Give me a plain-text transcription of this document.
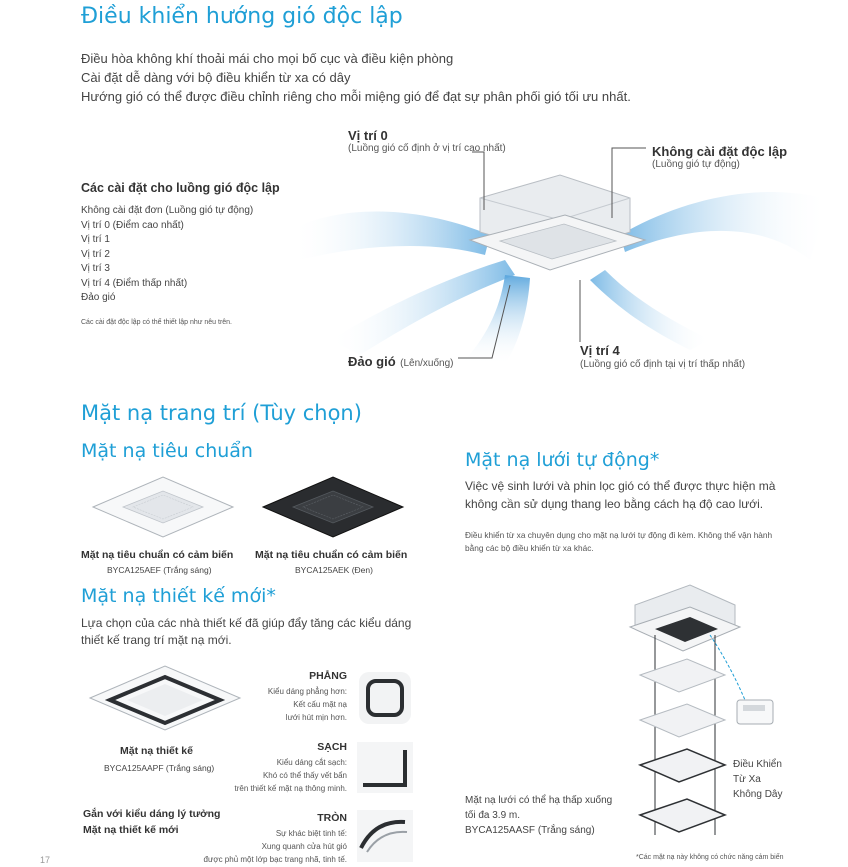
Điều khiển hướng gió độc lập
Điều hòa không khí thoải mái cho mọi bố cục và điều kiện phòng
Cài đặt dễ dàng với bộ điều khiển từ xa có dây
Hướng gió có thể được điều chỉnh riêng cho mỗi miệng gió để đạt sự phân phối gió tối ưu nhất.
Các cài đặt cho luồng gió độc lập
Không cài đặt đơn (Luồng gió tự động)
Vị trí 0 (Điểm cao nhất)
Vị trí 1
Vị trí 2
Vị trí 3
Vị trí 4 (Điểm thấp nhất)
Đảo gió
Các cài đặt độc lập có thể thiết lập như nêu trên.
Vị trí 0
(Luồng gió cố định ở vị trí cao nhất)	Không cài đặt độc lập
(Luồng gió tự động)
Đảo gió (Lên/xuống)
Vị trí 4
(Luồng gió cố định tại vị trí thấp nhất)
Mặt nạ trang trí (Tùy chọn)
Mặt nạ tiêu chuẩn
Mặt nạ tiêu chuẩn có cảm biến
BYCA125AEF (Trắng sáng)
Mặt nạ tiêu chuẩn có cảm biến
BYCA125AEK (Đen)
Mặt nạ thiết kế mới*
Lựa chọn của các nhà thiết kế đã giúp đẩy tăng các kiểu dáng
thiết kế trang trí mặt nạ mới.
Mặt nạ thiết kế
BYCA125AAPF (Trắng sáng)
Gắn với kiểu dáng lý tưởng
Mặt nạ thiết kế mới
PHẲNG
Kiểu dáng phẳng hơn:
Kết cấu mặt nạ
lưới hút mịn hơn.
SẠCH
Kiểu dáng cắt sạch:
Khó có thể thấy vết bẩn
trên thiết kế mặt nạ thông minh.
TRÒN
Sự khác biệt tinh tế:
Xung quanh cửa hút gió
được phủ một lớp bạc trang nhã, tinh tế.
Mặt nạ lưới tự động*
Việc vệ sinh lưới và phin lọc gió có thể được thực hiện mà
không cần sử dụng thang leo bằng cách hạ độ cao lưới.
Điều khiển từ xa chuyên dụng cho mặt nạ lưới tự động đi kèm. Không thể vận hành
bằng các bộ điều khiển từ xa khác.
Điều Khiển
Từ Xa
Không Dây
Mặt nạ lưới có thể hạ thấp xuống
tối đa 3.9 m.
BYCA125AASF (Trắng sáng)
*Các mặt nạ này không có chức năng cảm biến
17
